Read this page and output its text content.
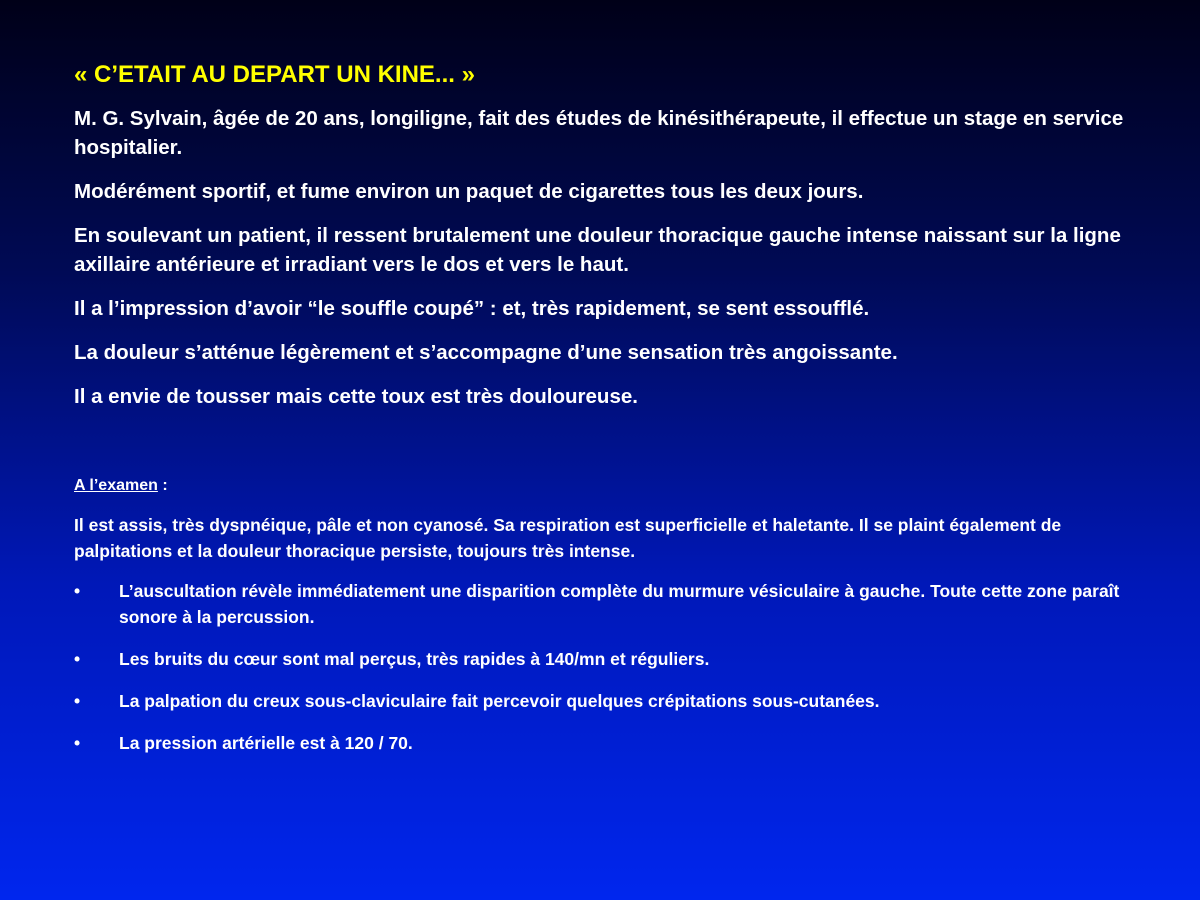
« C’ETAIT AU DEPART UN KINE... »

M. G. Sylvain, âgée de 20 ans, longiligne, fait des études de kinésithérapeute, il effectue un stage en service hospitalier.

Modérément sportif, et fume environ un paquet de cigarettes tous les deux jours.

En soulevant un patient, il ressent brutalement une douleur thoracique gauche intense naissant sur la ligne axillaire antérieure et irradiant vers le dos et vers le haut.

Il a l’impression d’avoir “le souffle coupé” : et, très rapidement, se sent essoufflé.

La douleur s’atténue légèrement et s’accompagne d’une sensation très angoissante.

Il a envie de tousser mais cette toux est très douloureuse.

A l’examen :

Il est assis, très dyspnéique, pâle et non cyanosé. Sa respiration est superficielle et haletante. Il se plaint également de palpitations et la douleur thoracique persiste, toujours très intense.

• L’auscultation révèle immédiatement une disparition complète du murmure vésiculaire à gauche. Toute cette zone paraît sonore à la percussion.
• Les bruits du cœur sont mal perçus, très rapides à 140/mn et réguliers.
• La palpation du creux sous-claviculaire fait percevoir quelques crépitations sous-cutanées.
• La pression artérielle est à 120 / 70.
